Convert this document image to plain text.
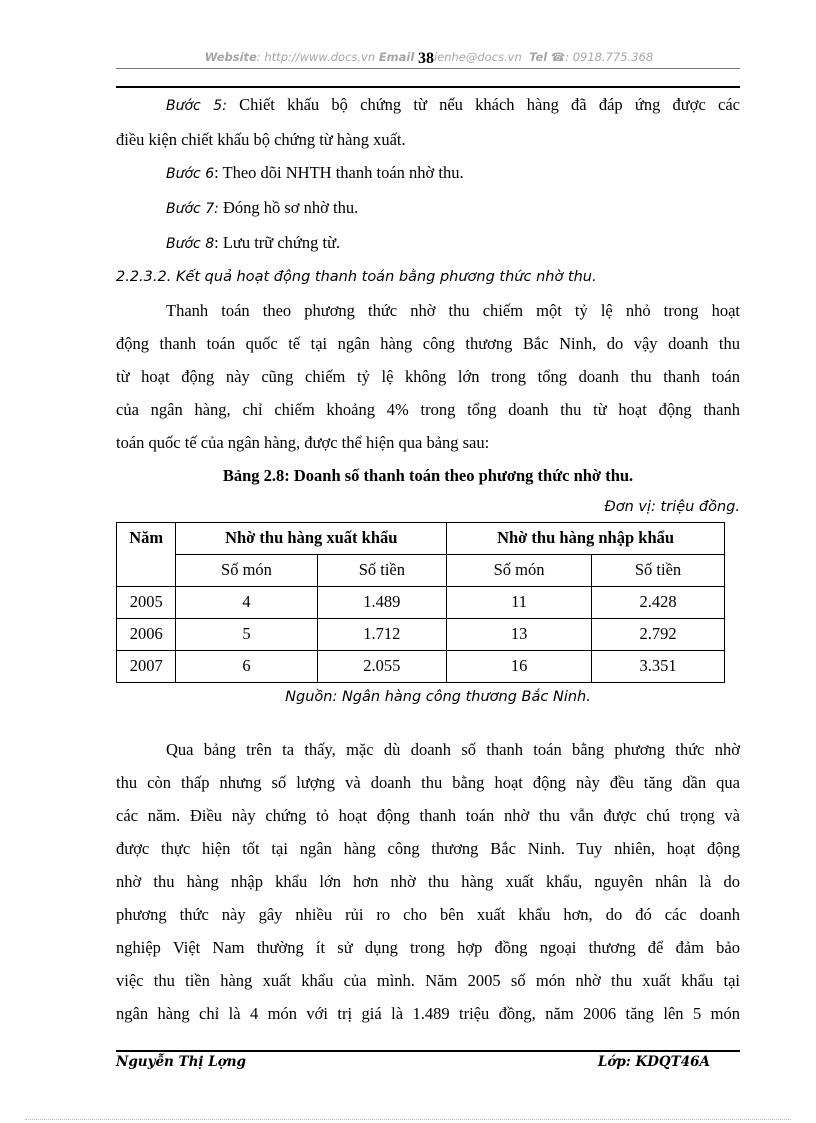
Website: http://www.docs.vn Email 38ienhe@docs.vn Tel ☎: 0918.775.368

Bước 5: Chiết khấu bộ chứng từ nếu khách hàng đã đáp ứng được các

điều kiện chiết khấu bộ chứng từ hàng xuất.

Bước 6: Theo dõi NHTH thanh toán nhờ thu.

Bước 7: Đóng hồ sơ nhờ thu.

Bước 8: Lưu trữ chứng từ.

2.2.3.2. Kết quả hoạt động thanh toán bằng phương thức nhờ thu.

Thanh toán theo phương thức nhờ thu chiếm một tỷ lệ nhỏ trong hoạt

động thanh toán quốc tế tại ngân hàng công thương Bắc Ninh, do vậy doanh thu

từ hoạt động này cũng chiếm tỷ lệ không lớn trong tổng doanh thu thanh toán

của ngân hàng, chỉ chiếm khoảng 4% trong tổng doanh thu từ hoạt động thanh

toán quốc tế của ngân hàng, được thể hiện qua bảng sau:

Bảng 2.8: Doanh số thanh toán theo phương thức nhờ thu.

Đơn vị: triệu đồng.

Năm	Nhờ thu hàng xuất khẩu		Nhờ thu hàng nhập khẩu	
	Số món	Số tiền	Số món	Số tiền
2005	4	1.489	11	2.428
2006	5	1.712	13	2.792
2007	6	2.055	16	3.351

Nguồn: Ngân hàng công thương Bắc Ninh.

Qua bảng trên ta thấy, mặc dù doanh số thanh toán bằng phương thức nhờ

thu còn thấp nhưng số lượng và doanh thu bằng hoạt động này đều tăng dần qua

các năm. Điều này chứng tỏ hoạt động thanh toán nhờ thu vẫn được chú trọng và

được thực hiện tốt tại ngân hàng công thương Bắc Ninh. Tuy nhiên, hoạt động

nhờ thu hàng nhập khẩu lớn hơn nhờ thu hàng xuất khẩu, nguyên nhân là do

phương thức này gây nhiều rủi ro cho bên xuất khẩu hơn, do đó các doanh

nghiệp Việt Nam thường ít sử dụng trong hợp đồng ngoại thương để đảm bảo

việc thu tiền hàng xuất khẩu của mình. Năm 2005 số món nhờ thu xuất khẩu tại

ngân hàng chỉ là 4 món với trị giá là 1.489 triệu đồng, năm 2006 tăng lên 5 món

Nguyễn Thị Lợng	Lớp: KDQT46A
